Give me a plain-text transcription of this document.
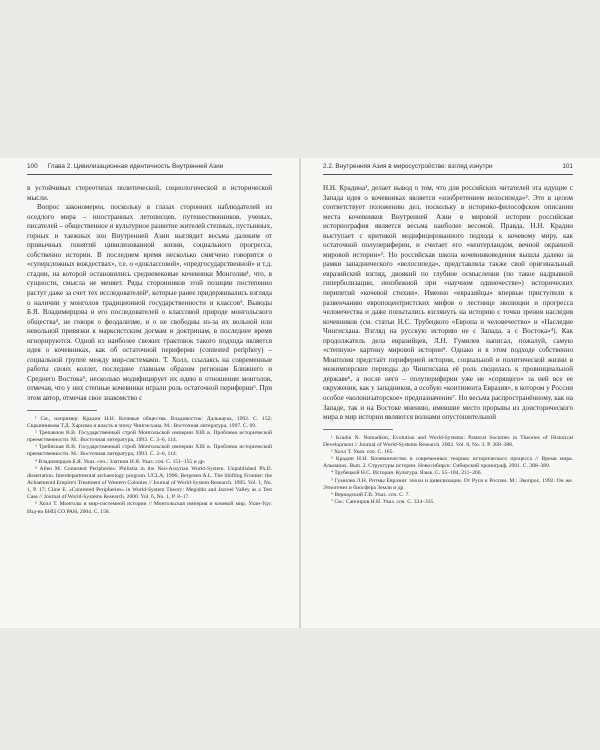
100 Глава 2. Цивилизационная идентичность Внутренней Азии

в устойчивых стереотипах политической, социологической и исторической мысли.

Вопрос закономерен, поскольку в глазах сторонних наблюдателей из оседлого мира – иностранных летописцев, путешественников, ученых, писателей – общественное и культурное развитие жителей степных, пустынных, горных и таежных зон Внутренней Азии выглядит весьма далеким от привычных понятий цивилизованной жизни, социального прогресса, собственно истории. В последнем время несколько смягчено говорится о «суперсложных вождествах», т.е. о «доклассовой», «предгосударственной» и т.д. стадии, на которой остановились средневековые кочевники Монголии¹, что, в сущности, смысла не меняет. Ряды сторонников этой позиции постепенно растут даже за счет тех исследователей², которые ранее придерживались взгляда о наличии у монголов традиционной государственности и классов³. Выводы Б.Я. Владимирцова и его последователей о классовой природе монгольского общества⁴, не говоря о феодализме, и о не свободны из-за их вольной или невольной привязки к марксистским догмам и доктринам, в последнее время игнорируются. Одной из наиболее свежих трактовок такого подхода является идея о кочевниках, как об остаточной периферии (contested periphery) – социальной группе между мир-системами. Т. Холл, ссылаясь на современные работы своих коллег, последние главным образом регионам Ближнего и Среднего Востока⁵, несколько модифицирует их идею в отношении монголов, отмечая, что у них степные кочевники играли роль остаточной периферии⁶. При этом автор, отмечая свое знакомство с

¹ См., например: Крадин Н.Н. Кочевые общества. Владивосток: Дальнаука, 1992. С. 152; Скрынникова Т.Д. Харизма и власть в эпоху Чингисхана. М.: Восточная литература, 1997. С. 69.

² Трепавлов В.В. Государственный строй Монгольской империи XIII в. Проблема исторической преемственности. М.: Восточная литература, 1993. С. 3–6, 114.

³ Трейнская В.В. Государственный строй Монгольской империи XIII в. Проблема исторической преемственности. М.: Восточная литература, 1993. С. 3–6, 114.

⁴ Владимирцов Б.Я. Указ. соч.; Златкин И.Я. Указ. соч. С. 151–155 и др.

⁵ Allen M. Contested Peripheries: Philistia in the Neo-Assyrian World-System. Unpublished Ph.D. dissertation. Interdepartmental archaeology program. UCLA, 1996; Bergesen A.L. The Shifting Frontier: the Achaemenid Empire's Treatment of Western Colonies // Journal of World-System Research. 1995. Vol. 1, No. 1, P. 17; Cline E. «Contested Peripheries» in World-System Theory: Megiddo and Jezreel Valley as a Test Case // Journal of World-Systems Research. 2000. Vol. 6, No. 1, P. 8–17.

⁶ Холл Т. Монголы в мир-системной истории // Монгольская империя и кочевой мир. Улан-Удэ: Изд-во БНЦ СО РАН, 2004. С. 158.

101
2.2. Внутренняя Азия в миросустройстве: взгляд изнутри

Н.Н. Крадина¹, делает вывод о том, что для российских читателей эта идущие с Запада идея о кочевниках является «изобретением велосипеда»². Это в целом соответствует положению дел, поскольку в историко-философском описании места кочевников Внутренней Азии в мировой истории российская историография является весьма наиболее весомой. Правда, Н.Н. Крадин выступает с критикой модифицированного подхода к кочевому миру, как остаточной полупериферии, и считает его «кентерландом, вечной окраиной мировой истории»³. Но российская школа кочевниковедения вышла далеко за рамки западнического «велосипеда», представляла также свой оригинальный евразийский взгляд, двоякий по глубине осмысления (по такое надрывной гиперболизации, неизбежной при «научном одиночестве») исторических перипетий «кочевой стихии». Именно «евразийцы» впервые приступили к развенчанию европоцентристских мифов о лестнице эволюции и прогресса человечества и даже попытались взглянуть на историю с точки зрения наследия кочевников (см. статьи Н.С. Трубецкого «Европа и человечество» и «Наследие Чингисхана. Взгляд на русскую историю не с Запада, а с Востока»⁴). Как продолжатель дела евразийцев, Л.Н. Гумилев написал, пожалуй, самую «степную» картину мировой истории⁵. Однако и в этом подходе собственно Монголия предстаёт периферией истории, социальной и политической жизни в межимперские периоды до Чингисхана её роль сводилась к провинциальной державе⁶, а после него – полупериферии уже не «сорящего» за ней все ее окружения, как у западников, а особую «континента Евразия», в котором у России особое «колонизаторское» предназначение⁷. Но весьма распространённому, как на Западе, так и на Востоке мнению, имевшие место прорывы из доисторического мира в мир истории являются волнами опустошительной

¹ Kradin N. Nomadism, Evolution and World-Systems: Pastoral Societies in Theories of Historical Development // Journal of World-Systems Research. 2002. Vol. 8, No. 3. P. 368–388.

² Холл Т. Указ. соч. С. 165.

³ Крадин Н.Н. Кочевничество в современных теориях исторического процесса // Время мира. Альманах. Вып. 2. Структуры истории. Новосибирск: Сибирский хронограф, 2001. С. 388–389.

⁴ Трубецкой Н.С. История. Культура. Язык. С. 55–104, 211–266.

⁵ Гумилев Л.Н. Ритмы Евразии: эпохи и цивилизации. От Руси к России. М.: Экопрос, 1992. Он же. Этногенез и биосфера Земли и др.

⁶ Вернадский Г.В. Указ. соч. С. 7.

⁷ См.: Санчиров Н.Н. Указ. соч. С. 334–335.
